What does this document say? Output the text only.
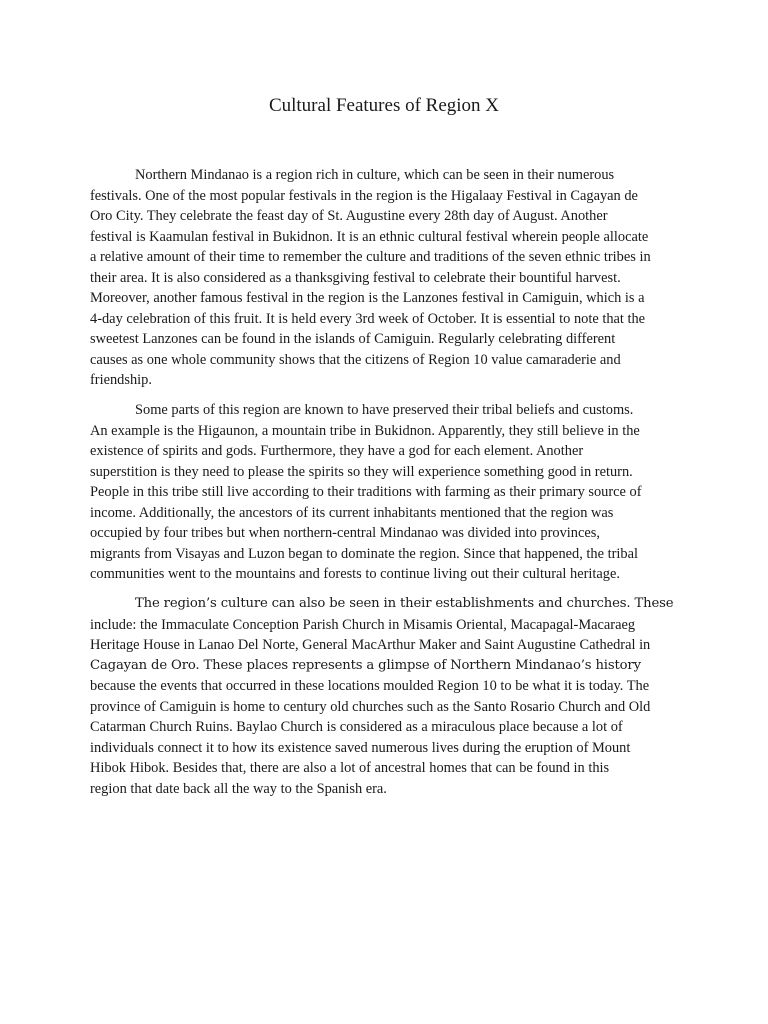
Cultural Features of Region X

Northern Mindanao is a region rich in culture, which can be seen in their numerous
festivals. One of the most popular festivals in the region is the Higalaay Festival in Cagayan de
Oro City. They celebrate the feast day of St. Augustine every 28th day of August. Another
festival is Kaamulan festival in Bukidnon. It is an ethnic cultural festival wherein people allocate
a relative amount of their time to remember the culture and traditions of the seven ethnic tribes in
their area. It is also considered as a thanksgiving festival to celebrate their bountiful harvest.
Moreover, another famous festival in the region is the Lanzones festival in Camiguin, which is a
4-day celebration of this fruit. It is held every 3rd week of October. It is essential to note that the
sweetest Lanzones can be found in the islands of Camiguin. Regularly celebrating different
causes as one whole community shows that the citizens of Region 10 value camaraderie and
friendship.

Some parts of this region are known to have preserved their tribal beliefs and customs.
An example is the Higaunon, a mountain tribe in Bukidnon. Apparently, they still believe in the
existence of spirits and gods. Furthermore, they have a god for each element. Another
superstition is they need to please the spirits so they will experience something good in return.
People in this tribe still live according to their traditions with farming as their primary source of
income. Additionally, the ancestors of its current inhabitants mentioned that the region was
occupied by four tribes but when northern-central Mindanao was divided into provinces,
migrants from Visayas and Luzon began to dominate the region. Since that happened, the tribal
communities went to the mountains and forests to continue living out their cultural heritage.

The region’s culture can also be seen in their establishments and churches. These
include: the Immaculate Conception Parish Church in Misamis Oriental, Macapagal-Macaraeg
Heritage House in Lanao Del Norte, General MacArthur Maker and Saint Augustine Cathedral in
Cagayan de Oro. These places represents a glimpse of Northern Mindanao’s history
because the events that occurred in these locations moulded Region 10 to be what it is today. The
province of Camiguin is home to century old churches such as the Santo Rosario Church and Old
Catarman Church Ruins. Baylao Church is considered as a miraculous place because a lot of
individuals connect it to how its existence saved numerous lives during the eruption of Mount
Hibok Hibok. Besides that, there are also a lot of ancestral homes that can be found in this
region that date back all the way to the Spanish era.
